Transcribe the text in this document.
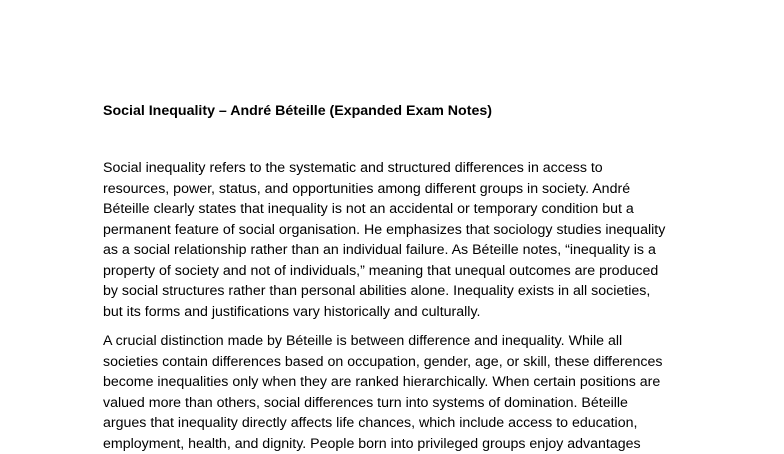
Social Inequality – André Béteille (Expanded Exam Notes)
Social inequality refers to the systematic and structured differences in access to
resources, power, status, and opportunities among different groups in society. André
Béteille clearly states that inequality is not an accidental or temporary condition but a
permanent feature of social organisation. He emphasizes that sociology studies inequality
as a social relationship rather than an individual failure. As Béteille notes, “inequality is a
property of society and not of individuals,” meaning that unequal outcomes are produced
by social structures rather than personal abilities alone. Inequality exists in all societies,
but its forms and justifications vary historically and culturally.
A crucial distinction made by Béteille is between difference and inequality. While all
societies contain differences based on occupation, gender, age, or skill, these differences
become inequalities only when they are ranked hierarchically. When certain positions are
valued more than others, social differences turn into systems of domination. Béteille
argues that inequality directly affects life chances, which include access to education,
employment, health, and dignity. People born into privileged groups enjoy advantages
